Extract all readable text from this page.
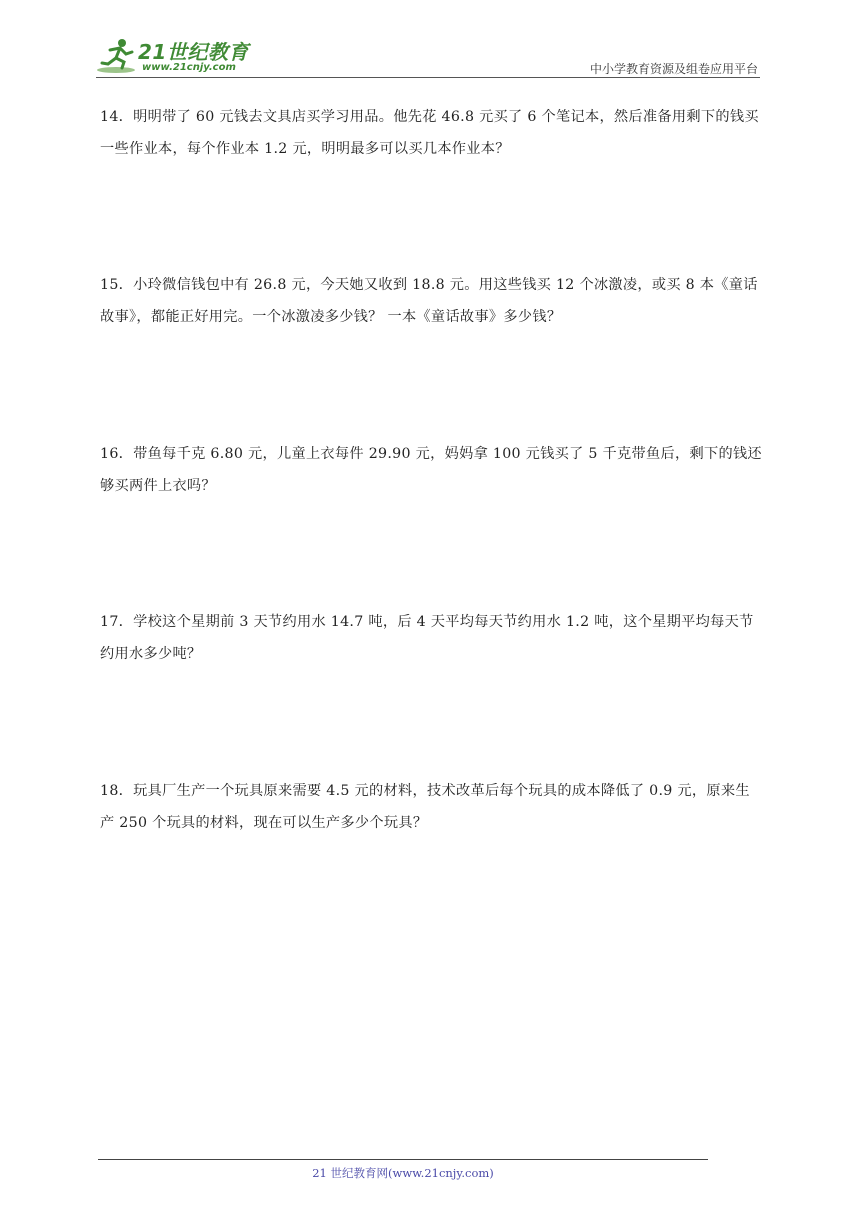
21世纪教育
www.21cnjy.com	中小学教育资源及组卷应用平台
14．明明带了 60 元钱去文具店买学习用品。他先花 46.8 元买了 6 个笔记本，然后准备用剩下的钱买一些作业本，每个作业本 1.2 元，明明最多可以买几本作业本？
15．小玲微信钱包中有 26.8 元，今天她又收到 18.8 元。用这些钱买 12 个冰激凌，或买 8 本《童话故事》，都能正好用完。一个冰激凌多少钱？ 一本《童话故事》多少钱？
16．带鱼每千克 6.80 元，儿童上衣每件 29.90 元，妈妈拿 100 元钱买了 5 千克带鱼后，剩下的钱还够买两件上衣吗？
17．学校这个星期前 3 天节约用水 14.7 吨，后 4 天平均每天节约用水 1.2 吨，这个星期平均每天节约用水多少吨？
18．玩具厂生产一个玩具原来需要 4.5 元的材料，技术改革后每个玩具的成本降低了 0.9 元，原来生产 250 个玩具的材料，现在可以生产多少个玩具？
21 世纪教育网(www.21cnjy.com)
